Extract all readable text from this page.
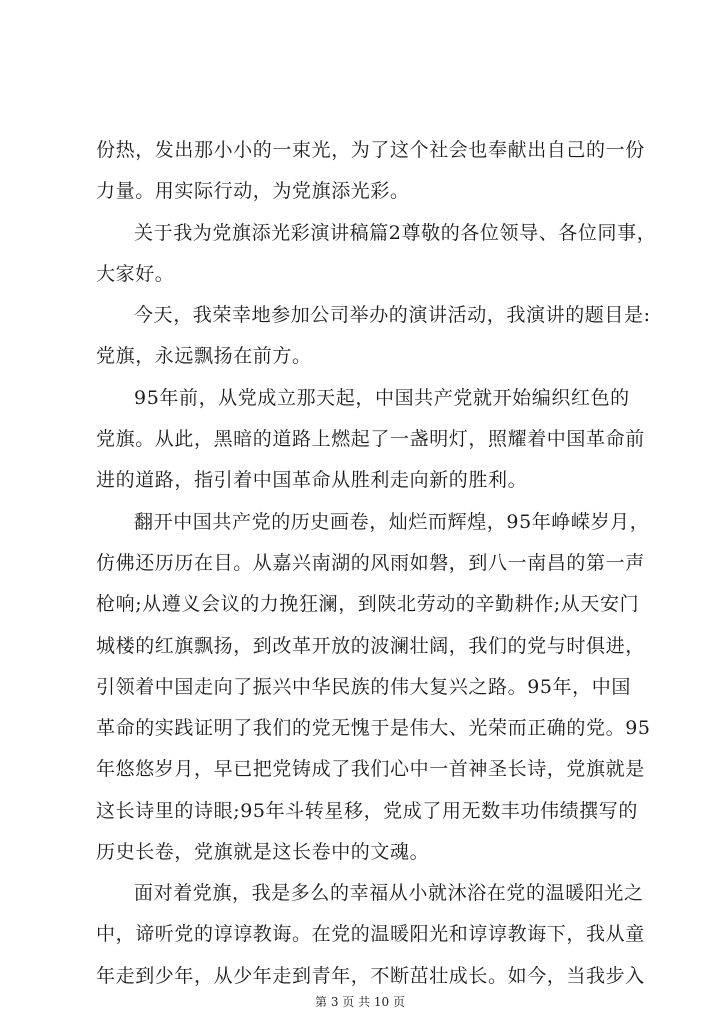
份热，发出那小小的一束光，为了这个社会也奉献出自己的一份
力量。用实际行动，为党旗添光彩。
关于我为党旗添光彩演讲稿篇2尊敬的各位领导、各位同事，
大家好。
今天，我荣幸地参加公司举办的演讲活动，我演讲的题目是:
党旗，永远飘扬在前方。
95年前，从党成立那天起，中国共产党就开始编织红色的
党旗。从此，黑暗的道路上燃起了一盏明灯，照耀着中国革命前
进的道路，指引着中国革命从胜利走向新的胜利。
翻开中国共产党的历史画卷，灿烂而辉煌，95年峥嵘岁月，
仿佛还历历在目。从嘉兴南湖的风雨如磐，到八一南昌的第一声
枪响;从遵义会议的力挽狂澜，到陕北劳动的辛勤耕作;从天安门
城楼的红旗飘扬，到改革开放的波澜壮阔，我们的党与时俱进，
引领着中国走向了振兴中华民族的伟大复兴之路。95年，中国
革命的实践证明了我们的党无愧于是伟大、光荣而正确的党。95
年悠悠岁月，早已把党铸成了我们心中一首神圣长诗，党旗就是
这长诗里的诗眼;95年斗转星移，党成了用无数丰功伟绩撰写的
历史长卷，党旗就是这长卷中的文魂。
面对着党旗，我是多么的幸福从小就沐浴在党的温暖阳光之
中，谛听党的谆谆教诲。在党的温暖阳光和谆谆教诲下，我从童
年走到少年，从少年走到青年，不断茁壮成长。如今，当我步入
第 3 页 共 10 页
